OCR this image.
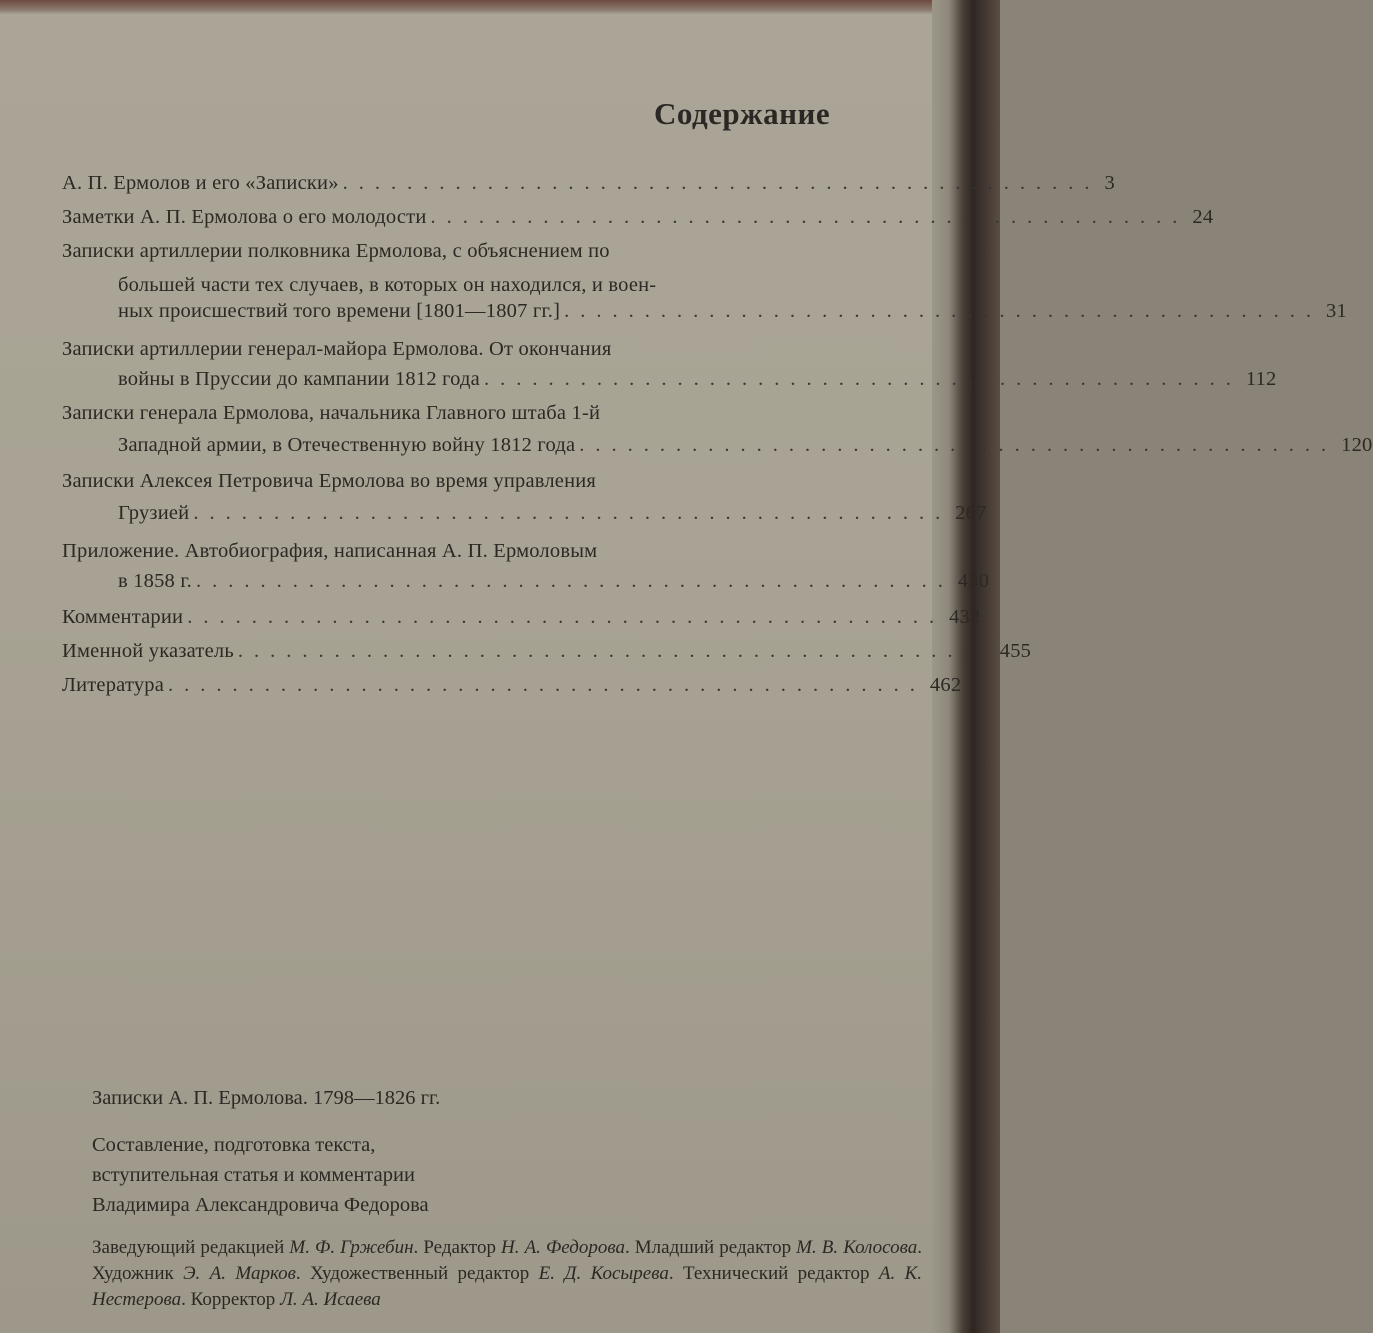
Содержание
А. П. Ермолов и его «Записки» ............................................... 3
Заметки А. П. Ермолова о его молодости ............................................... 24
Записки артиллерии полковника Ермолова, с объяснением по
большей части тех случаев, в которых он находился, и воен-
ных происшествий того времени [1801—1807 гг.] ............................................... 31
Записки артиллерии генерал-майора Ермолова. От окончания
войны в Пруссии до кампании 1812 года ............................................... 112
Записки генерала Ермолова, начальника Главного штаба 1-й
Западной армии, в Отечественную войну 1812 года ............................................... 120
Записки Алексея Петровича Ермолова во время управления
Грузией ............................................... 267
Приложение. Автобиография, написанная А. П. Ермоловым
в 1858 г. ............................................... 430
Комментарии ............................................... 432
Именной указатель ............................................... 455
Литература ............................................... 462
Записки А. П. Ермолова. 1798—1826 гг.
Составление, подготовка текста,
вступительная статья и комментарии
Владимира Александровича Федорова
Заведующий редакцией М. Ф. Гржебин. Редактор Н. А. Федорова. Младший редактор М. В. Колосова. Художник Э. А. Марков. Художественный редактор Е. Д. Косырева. Технический редактор А. К. Нестерова. Корректор Л. А. Исаева
